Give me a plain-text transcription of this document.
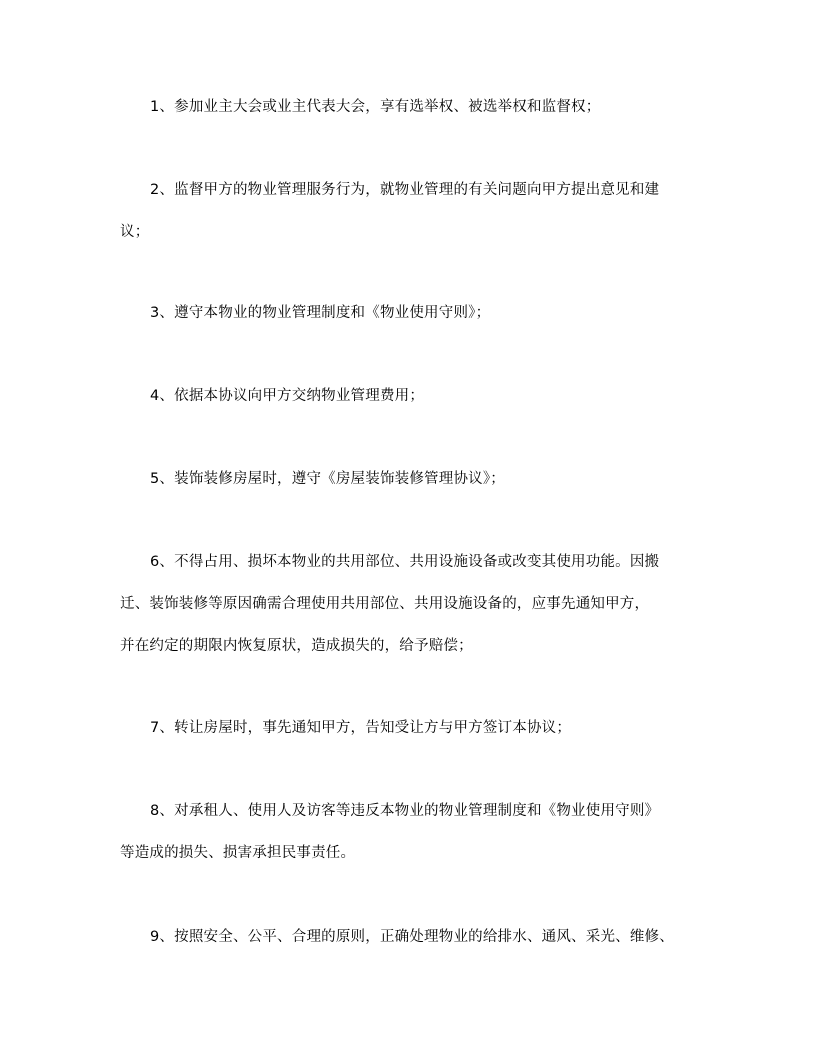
1、参加业主大会或业主代表大会，享有选举权、被选举权和监督权；
2、监督甲方的物业管理服务行为，就物业管理的有关问题向甲方提出意见和建
议；
3、遵守本物业的物业管理制度和《物业使用守则》；
4、依据本协议向甲方交纳物业管理费用；
5、装饰装修房屋时，遵守《房屋装饰装修管理协议》；
6、不得占用、损坏本物业的共用部位、共用设施设备或改变其使用功能。因搬
迁、装饰装修等原因确需合理使用共用部位、共用设施设备的，应事先通知甲方，
并在约定的期限内恢复原状，造成损失的，给予赔偿；
7、转让房屋时，事先通知甲方，告知受让方与甲方签订本协议；
8、对承租人、使用人及访客等违反本物业的物业管理制度和《物业使用守则》
等造成的损失、损害承担民事责任。
9、按照安全、公平、合理的原则，正确处理物业的给排水、通风、采光、维修、
